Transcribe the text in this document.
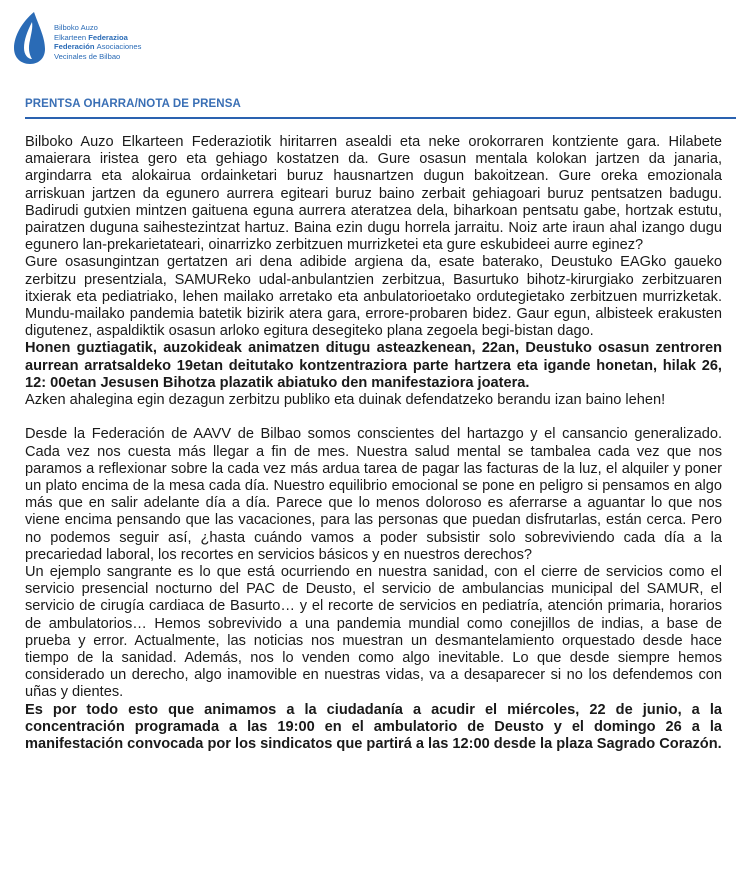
Bilboko Auzo
Elkarteen Federazioa
Federación Asociaciones
Vecinales de Bilbao
PRENTSA OHARRA/NOTA DE PRENSA

Bilboko Auzo Elkarteen Federaziotik hiritarren asealdi eta neke orokorraren kontziente gara. Hilabete amaierara iristea gero eta gehiago kostatzen da. Gure osasun mentala kolokan jartzen da janaria, argindarra eta alokairua ordainketari buruz hausnartzen dugun bakoitzean. Gure oreka emozionala arriskuan jartzen da egunero aurrera egiteari buruz baino zerbait gehiagoari buruz pentsatzen badugu. Badirudi gutxien mintzen gaituena eguna aurrera ateratzea dela, biharkoan pentsatu gabe, hortzak estutu, pairatzen duguna saihestezintzat hartuz. Baina ezin dugu horrela jarraitu. Noiz arte iraun ahal izango dugu egunero lan-prekarietateari, oinarrizko zerbitzuen murrizketei eta gure eskubideei aurre eginez?

Gure osasungintzan gertatzen ari dena adibide argiena da, esate baterako, Deustuko EAGko gaueko zerbitzu presentziala, SAMUReko udal-anbulantzien zerbitzua, Basurtuko bihotz-kirurgiako zerbitzuaren itxierak eta pediatriako, lehen mailako arretako eta anbulatorioetako ordutegietako zerbitzuen murrizketak. Mundu-mailako pandemia batetik bizirik atera gara, errore-probaren bidez. Gaur egun, albisteek erakusten digutenez, aspaldiktik osasun arloko egitura desegiteko plana zegoela begi-bistan dago.

Honen guztiagatik, auzokideak animatzen ditugu asteazkenean, 22an, Deustuko osasun zentroren aurrean arratsaldeko 19etan deitutako kontzentraziora parte hartzera eta igande honetan, hilak 26, 12: 00etan Jesusen Bihotza plazatik abiatuko den manifestaziora joatera.

Azken ahalegina egin dezagun zerbitzu publiko eta duinak defendatzeko berandu izan baino lehen!

Desde la Federación de AAVV de Bilbao somos conscientes del hartazgo y el cansancio generalizado. Cada vez nos cuesta más llegar a fin de mes. Nuestra salud mental se tambalea cada vez que nos paramos a reflexionar sobre la cada vez más ardua tarea de pagar las facturas de la luz, el alquiler y poner un plato encima de la mesa cada día. Nuestro equilibrio emocional se pone en peligro si pensamos en algo más que en salir adelante día a día. Parece que lo menos doloroso es aferrarse a aguantar lo que nos viene encima pensando que las vacaciones, para las personas que puedan disfrutarlas, están cerca. Pero no podemos seguir así, ¿hasta cuándo vamos a poder subsistir solo sobreviviendo cada día a la precariedad laboral, los recortes en servicios básicos y en nuestros derechos?

Un ejemplo sangrante es lo que está ocurriendo en nuestra sanidad, con el cierre de servicios como el servicio presencial nocturno del PAC de Deusto, el servicio de ambulancias municipal del SAMUR, el servicio de cirugía cardiaca de Basurto… y el recorte de servicios en pediatría, atención primaria, horarios de ambulatorios… Hemos sobrevivido a una pandemia mundial como conejillos de indias, a base de prueba y error. Actualmente, las noticias nos muestran un desmantelamiento orquestado desde hace tiempo de la sanidad. Además, nos lo venden como algo inevitable. Lo que desde siempre hemos considerado un derecho, algo inamovible en nuestras vidas, va a desaparecer si no los defendemos con uñas y dientes.

Es por todo esto que animamos a la ciudadanía a acudir el miércoles, 22 de junio, a la concentración programada a las 19:00 en el ambulatorio de Deusto y el domingo 26 a la manifestación convocada por los sindicatos que partirá a las 12:00 desde la plaza Sagrado Corazón.
